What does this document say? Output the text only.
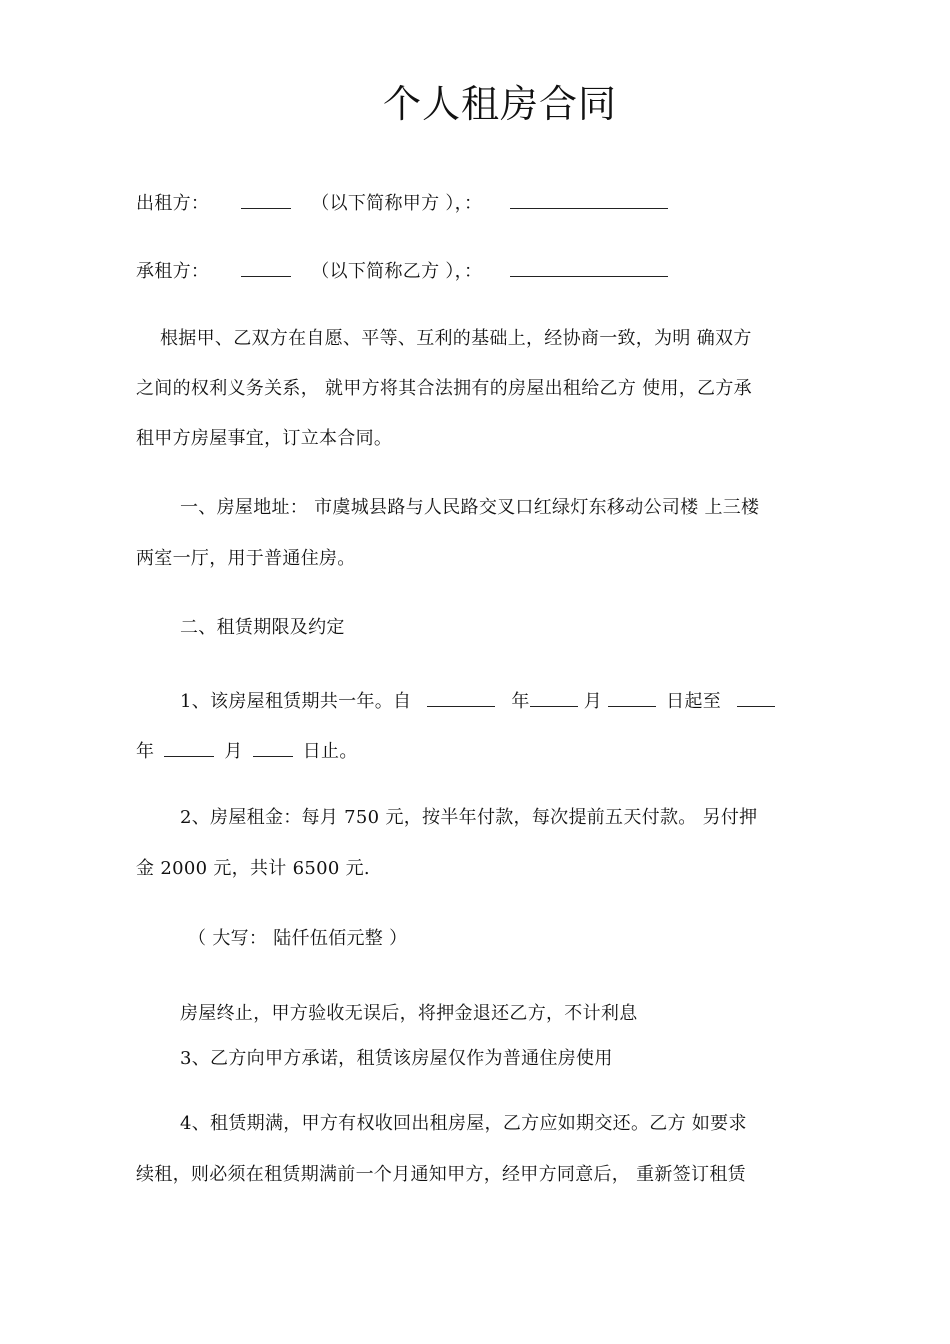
个人租房合同
出租方：	（以下简称甲方 ），：
承租方：	（以下简称乙方 ），：
根据甲、乙双方在自愿、平等、互利的基础上，经协商一致，为明 确双方
之间的权利义务关系， 就甲方将其合法拥有的房屋出租给乙方 使用，乙方承
租甲方房屋事宜，订立本合同。
一、房屋地址： 市虞城县路与人民路交叉口红绿灯东移动公司楼 上三楼
两室一厅，用于普通住房。
二、租赁期限及约定
1、该房屋租赁期共一年。自	年	月	日起至
年	月	日止。
2、房屋租金：每月 750 元，按半年付款，每次提前五天付款。 另付押
金 2000 元，共计 6500 元.
（ 大写： 陆仟伍佰元整 ）
房屋终止，甲方验收无误后，将押金退还乙方，不计利息
3、乙方向甲方承诺，租赁该房屋仅作为普通住房使用
4、租赁期满，甲方有权收回出租房屋，乙方应如期交还。乙方 如要求
续租，则必须在租赁期满前一个月通知甲方，经甲方同意后， 重新签订租赁
